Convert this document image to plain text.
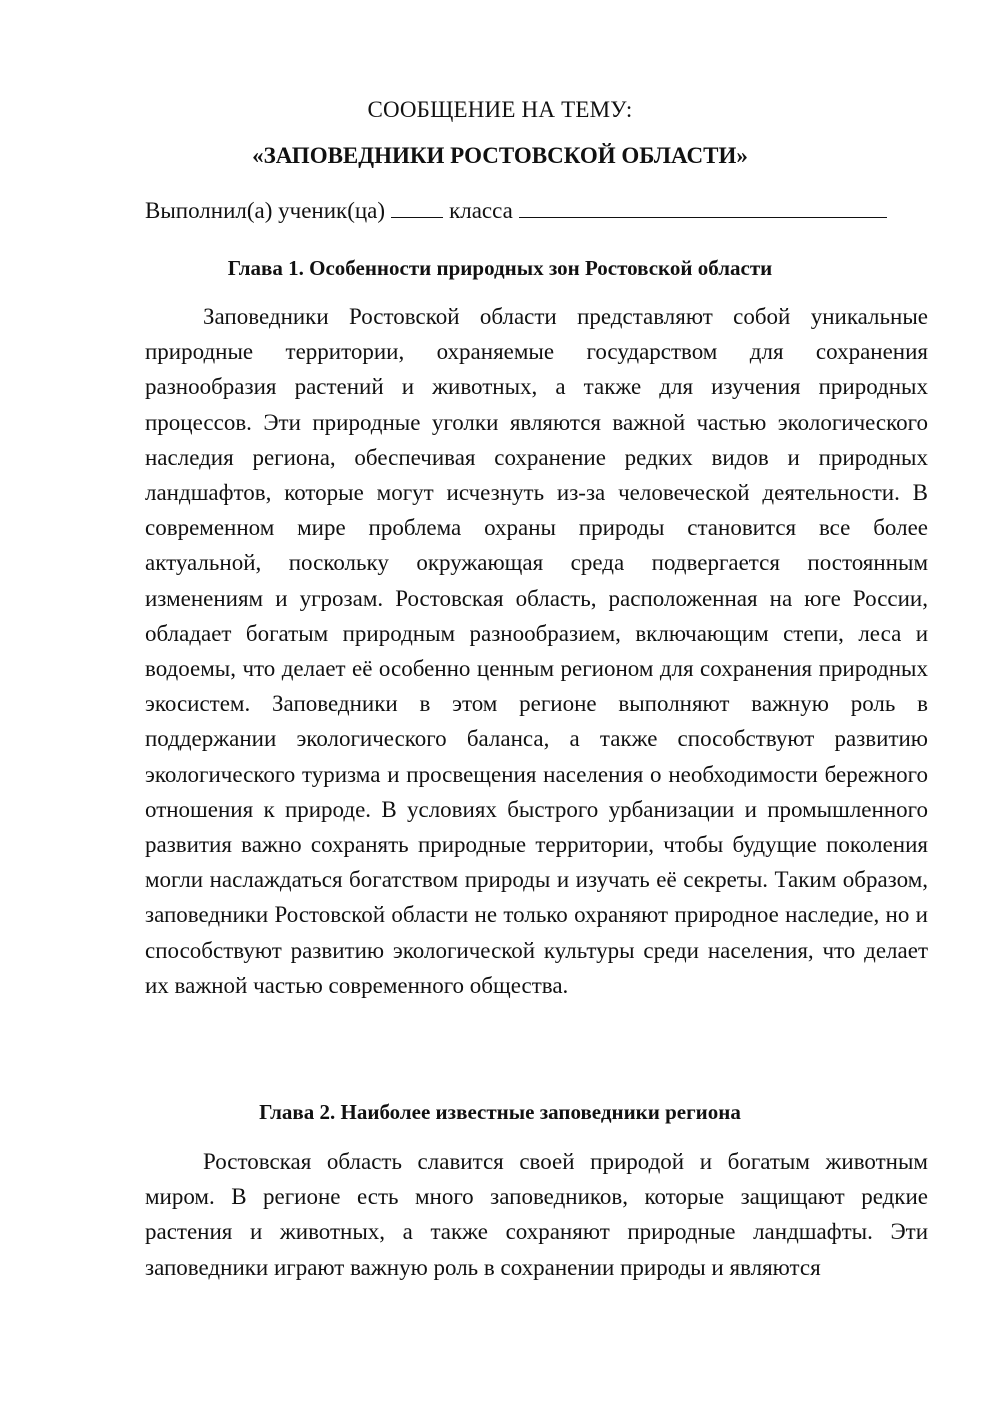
СООБЩЕНИЕ НА ТЕМУ:
«ЗАПОВЕДНИКИ РОСТОВСКОЙ ОБЛАСТИ»
Выполнил(а) ученик(ца)	класса
Глава 1. Особенности природных зон Ростовской области

Заповедники Ростовской области представляют собой уникальные природные территории, охраняемые государством для сохранения разнообразия растений и животных, а также для изучения природных процессов. Эти природные уголки являются важной частью экологического наследия региона, обеспечивая сохранение редких видов и природных ландшафтов, которые могут исчезнуть из-за человеческой деятельности. В современном мире проблема охраны природы становится все более актуальной, поскольку окружающая среда подвергается постоянным изменениям и угрозам. Ростовская область, расположенная на юге России, обладает богатым природным разнообразием, включающим степи, леса и водоемы, что делает её особенно ценным регионом для сохранения природных экосистем. Заповедники в этом регионе выполняют важную роль в поддержании экологического баланса, а также способствуют развитию экологического туризма и просвещения населения о необходимости бережного отношения к природе. В условиях быстрого урбанизации и промышленного развития важно сохранять природные территории, чтобы будущие поколения могли наслаждаться богатством природы и изучать её секреты. Таким образом, заповедники Ростовской области не только охраняют природное наследие, но и способствуют развитию экологической культуры среди населения, что делает их важной частью современного общества.

Глава 2. Наиболее известные заповедники региона

Ростовская область славится своей природой и богатым животным миром. В регионе есть много заповедников, которые защищают редкие растения и животных, а также сохраняют природные ландшафты. Эти заповедники играют важную роль в сохранении природы и являются
